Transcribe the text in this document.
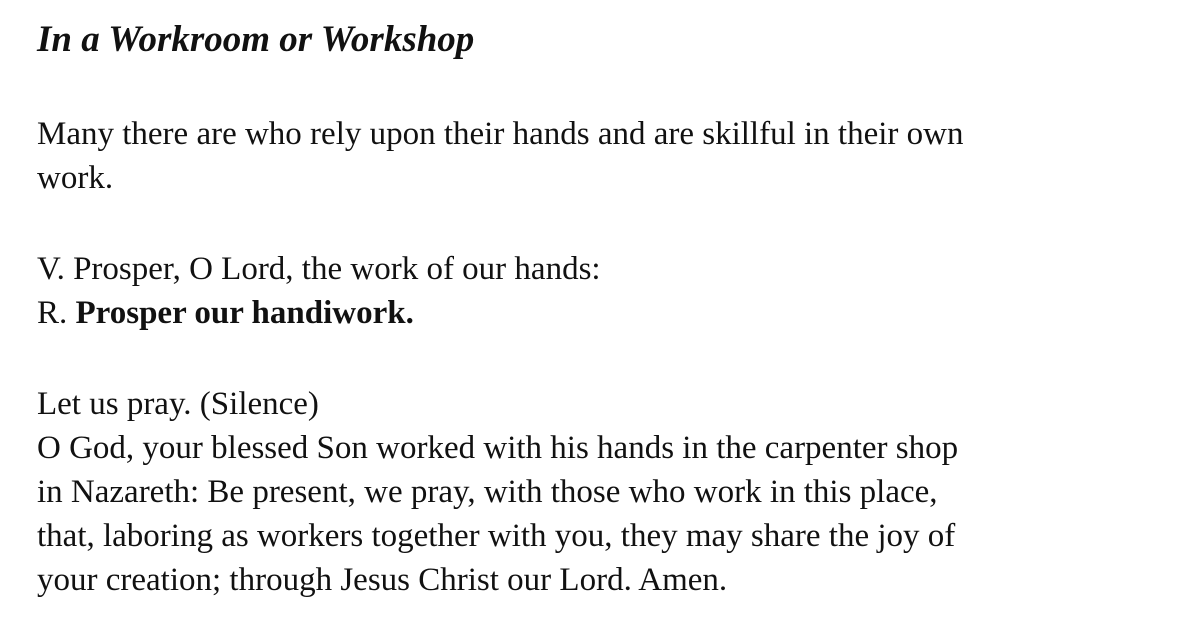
In a Workroom or Workshop

Many there are who rely upon their hands and are skillful in their own
work.

V. Prosper, O Lord, the work of our hands:
R. Prosper our handiwork.

Let us pray. (Silence)
O God, your blessed Son worked with his hands in the carpenter shop
in Nazareth: Be present, we pray, with those who work in this place,
that, laboring as workers together with you, they may share the joy of
your creation; through Jesus Christ our Lord. Amen.
